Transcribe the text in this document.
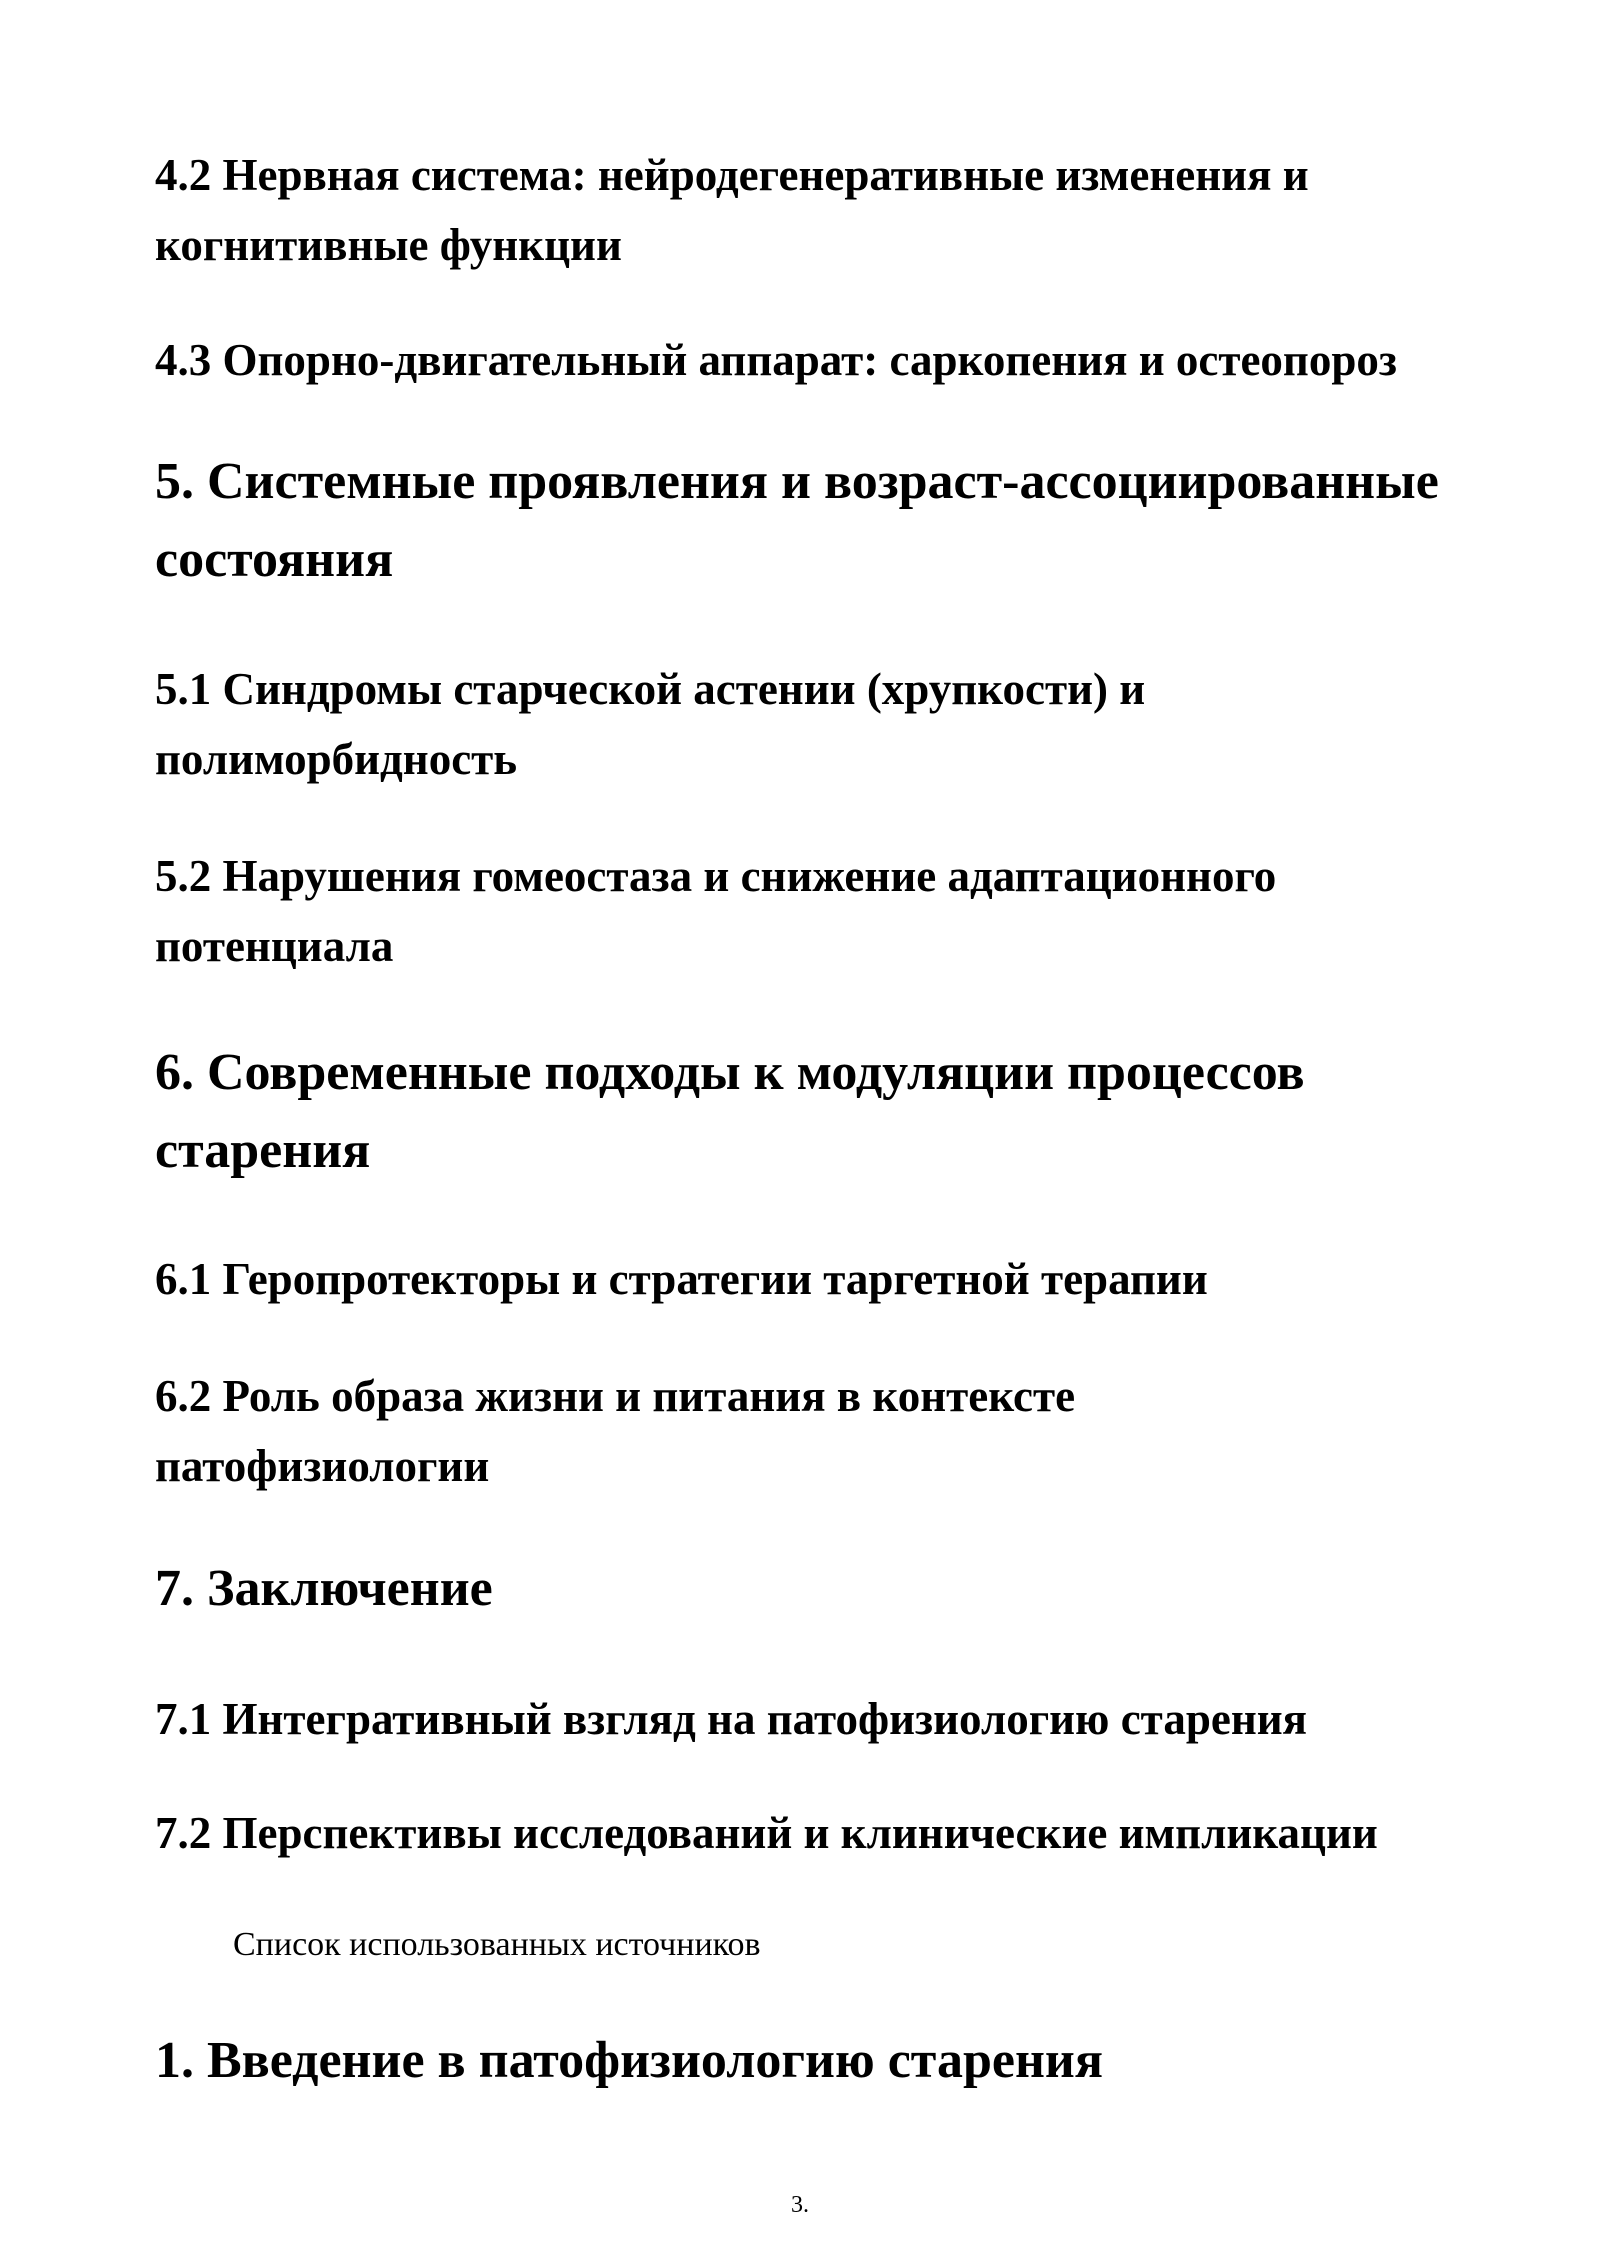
4.2 Нервная система: нейродегенеративные изменения и

когнитивные функции

4.3 Опорно-двигательный аппарат: саркопения и остеопороз

5. Системные проявления и возраст-ассоциированные

состояния

5.1 Синдромы старческой астении (хрупкости) и

полиморбидность

5.2 Нарушения гомеостаза и снижение адаптационного

потенциала

6. Современные подходы к модуляции процессов

старения

6.1 Геропротекторы и стратегии таргетной терапии

6.2 Роль образа жизни и питания в контексте

патофизиологии

7. Заключение

7.1 Интегративный взгляд на патофизиологию старения

7.2 Перспективы исследований и клинические импликации

Список использованных источников

1. Введение в патофизиологию старения

3.
